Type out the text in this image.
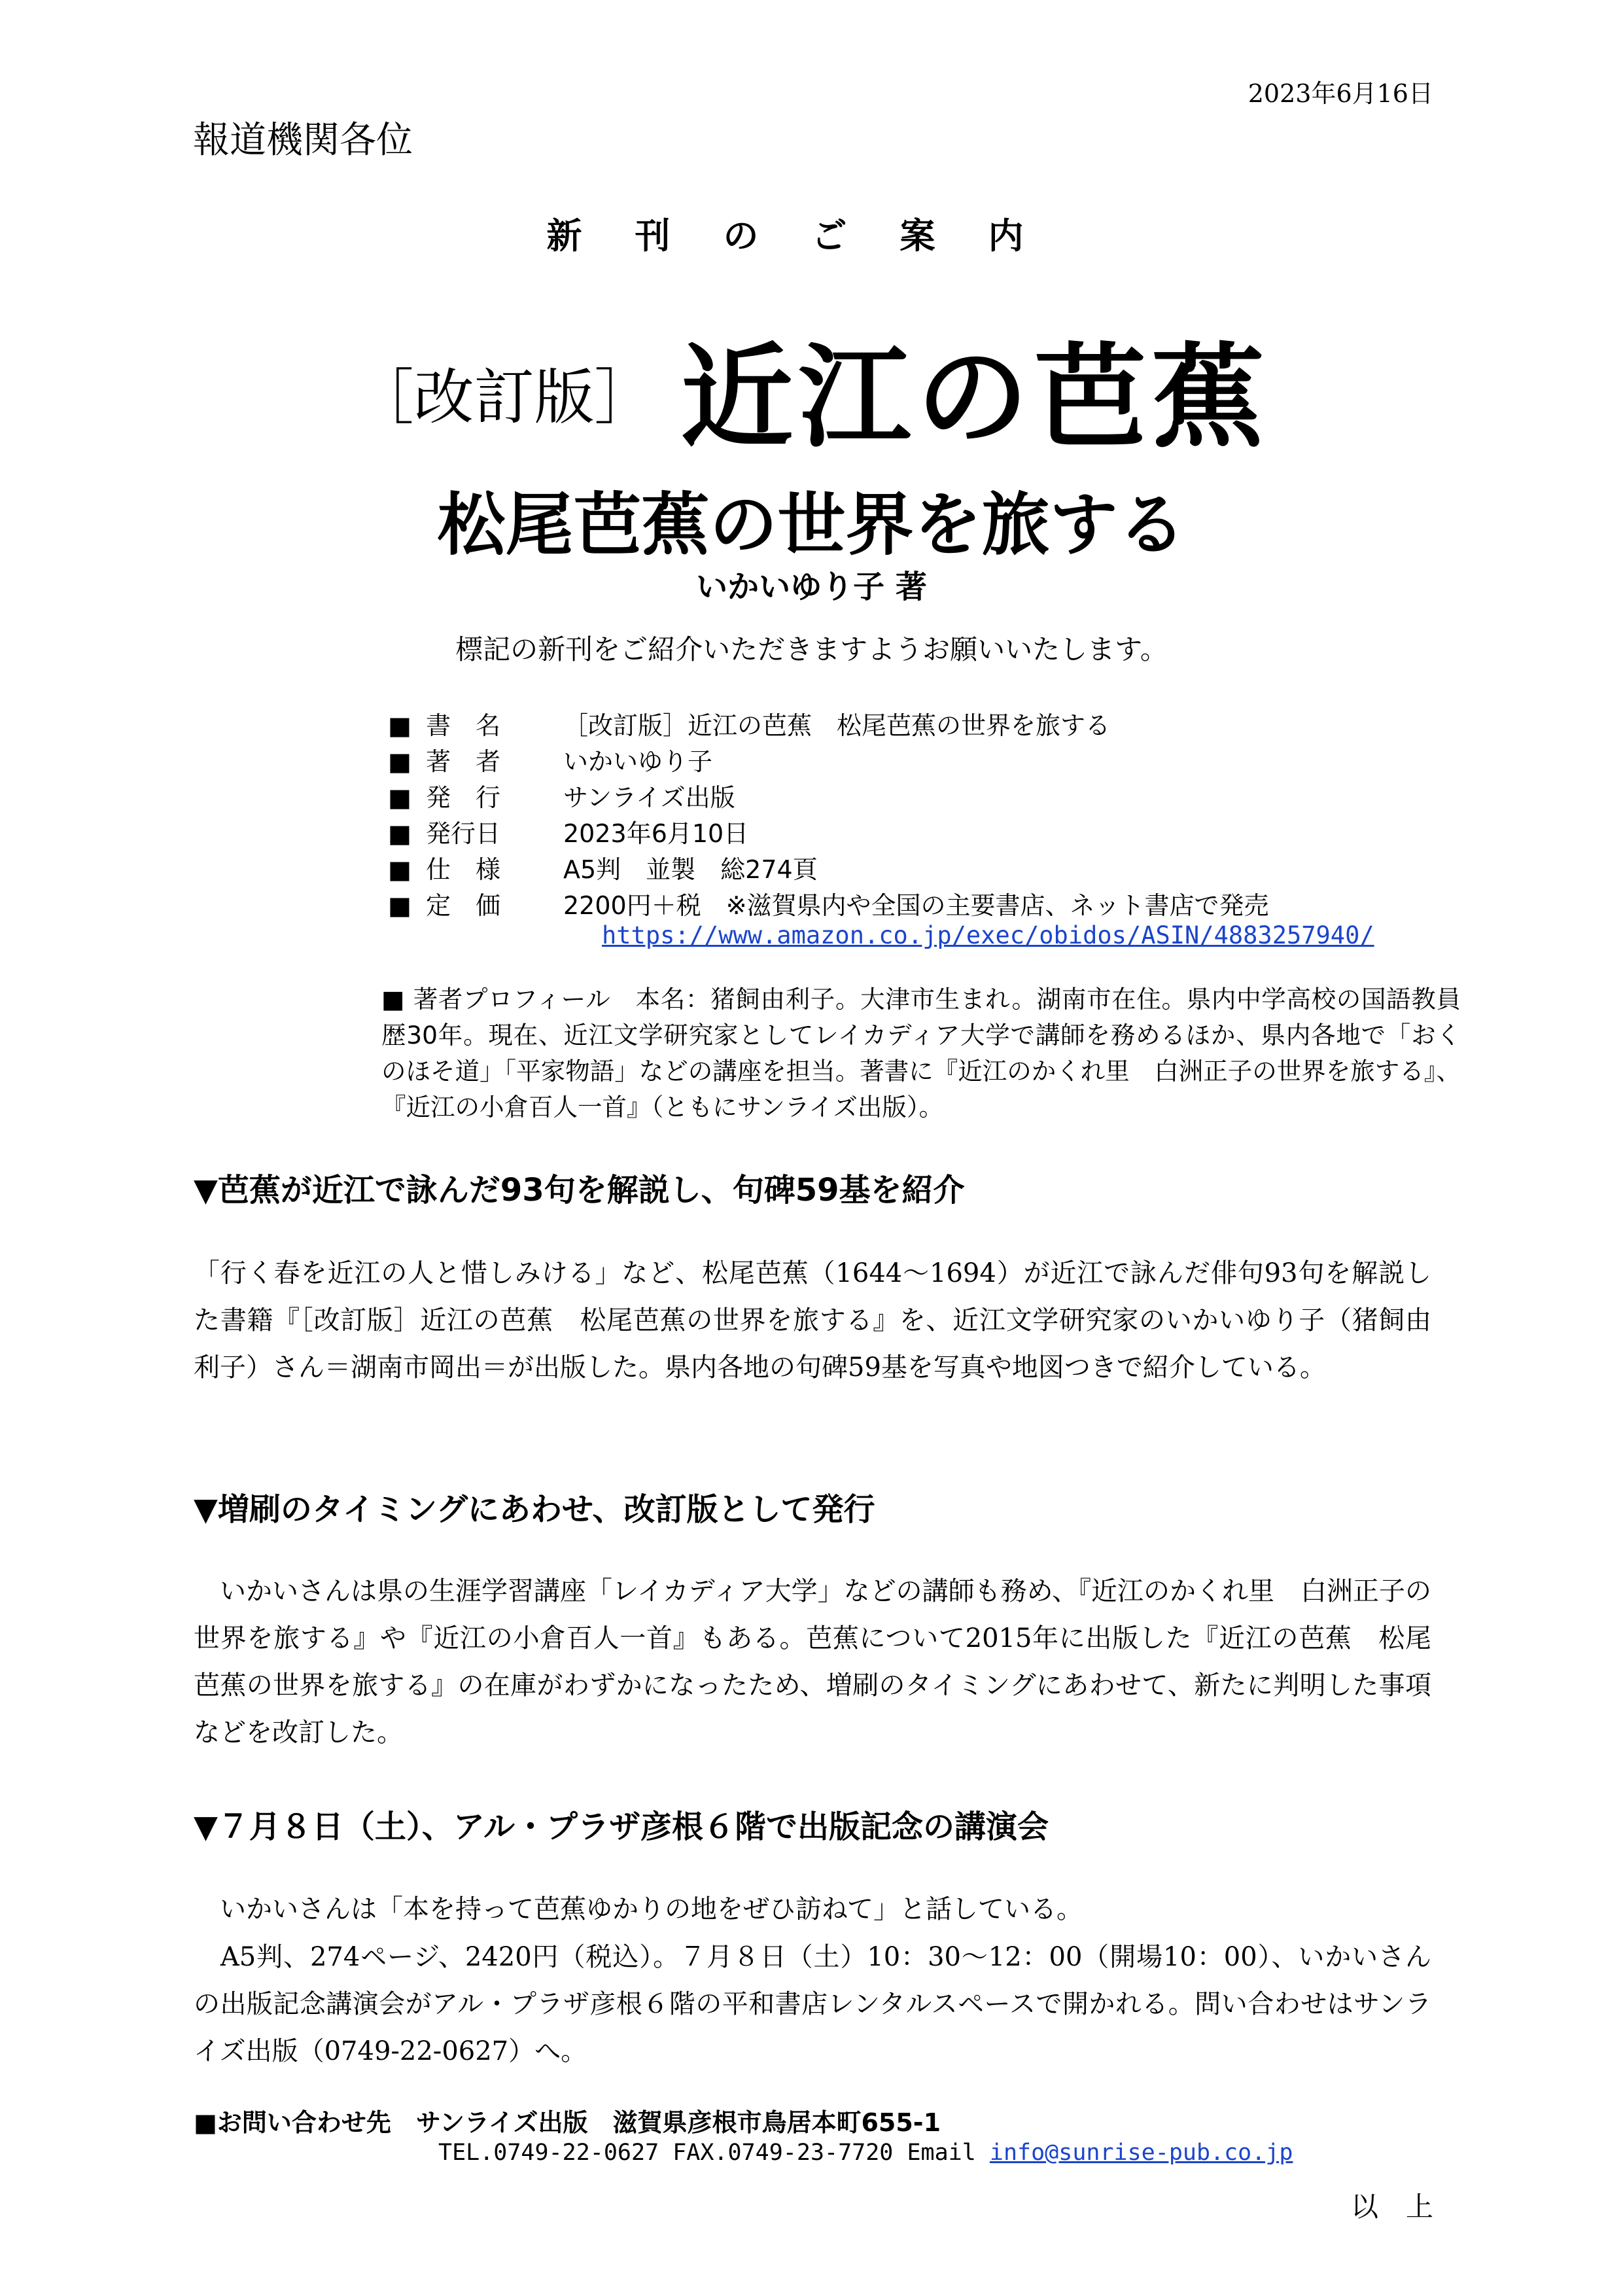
2023年6月16日
報道機関各位
新刊のご案内
［改訂版］ 近江の芭蕉
松尾芭蕉の世界を旅する
いかいゆり子 著
標記の新刊をご紹介いただきますようお願いいたします。
■ 書　名	［改訂版］近江の芭蕉　松尾芭蕉の世界を旅する
■ 著　者	いかいゆり子
■ 発　行	サンライズ出版
■ 発行日	2023年6月10日
■ 仕　様	A5判　並製　総274頁
■ 定　価	2200円＋税　※滋賀県内や全国の主要書店、ネット書店で発売
https://www.amazon.co.jp/exec/obidos/ASIN/4883257940/
■ 著者プロフィール　本名：猪飼由利子。大津市生まれ。湖南市在住。県内中学高校の国語教員歴30年。現在、近江文学研究家としてレイカディア大学で講師を務めるほか、県内各地で「おくのほそ道」「平家物語」などの講座を担当。著書に『近江のかくれ里　白洲正子の世界を旅する』、『近江の小倉百人一首』（ともにサンライズ出版）。
▼芭蕉が近江で詠んだ93句を解説し、句碑59基を紹介
「行く春を近江の人と惜しみける」など、松尾芭蕉（1644〜1694）が近江で詠んだ俳句93句を解説した書籍『［改訂版］近江の芭蕉　松尾芭蕉の世界を旅する』を、近江文学研究家のいかいゆり子（猪飼由利子）さん＝湖南市岡出＝が出版した。県内各地の句碑59基を写真や地図つきで紹介している。
▼増刷のタイミングにあわせ、改訂版として発行
　いかいさんは県の生涯学習講座「レイカディア大学」などの講師も務め、『近江のかくれ里　白洲正子の世界を旅する』や『近江の小倉百人一首』もある。芭蕉について2015年に出版した『近江の芭蕉　松尾芭蕉の世界を旅する』の在庫がわずかになったため、増刷のタイミングにあわせて、新たに判明した事項などを改訂した。
▼７月８日（土）、アル・プラザ彦根６階で出版記念の講演会
　いかいさんは「本を持って芭蕉ゆかりの地をぜひ訪ねて」と話している。
　A5判、274ページ、2420円（税込）。７月８日（土）10：30〜12：00（開場10：00）、いかいさんの出版記念講演会がアル・プラザ彦根６階の平和書店レンタルスペースで開かれる。問い合わせはサンライズ出版（0749-22-0627）へ。
■お問い合わせ先　サンライズ出版　滋賀県彦根市鳥居本町655-1
TEL.0749-22-0627 FAX.0749-23-7720 Email info@sunrise-pub.co.jp
以　上
